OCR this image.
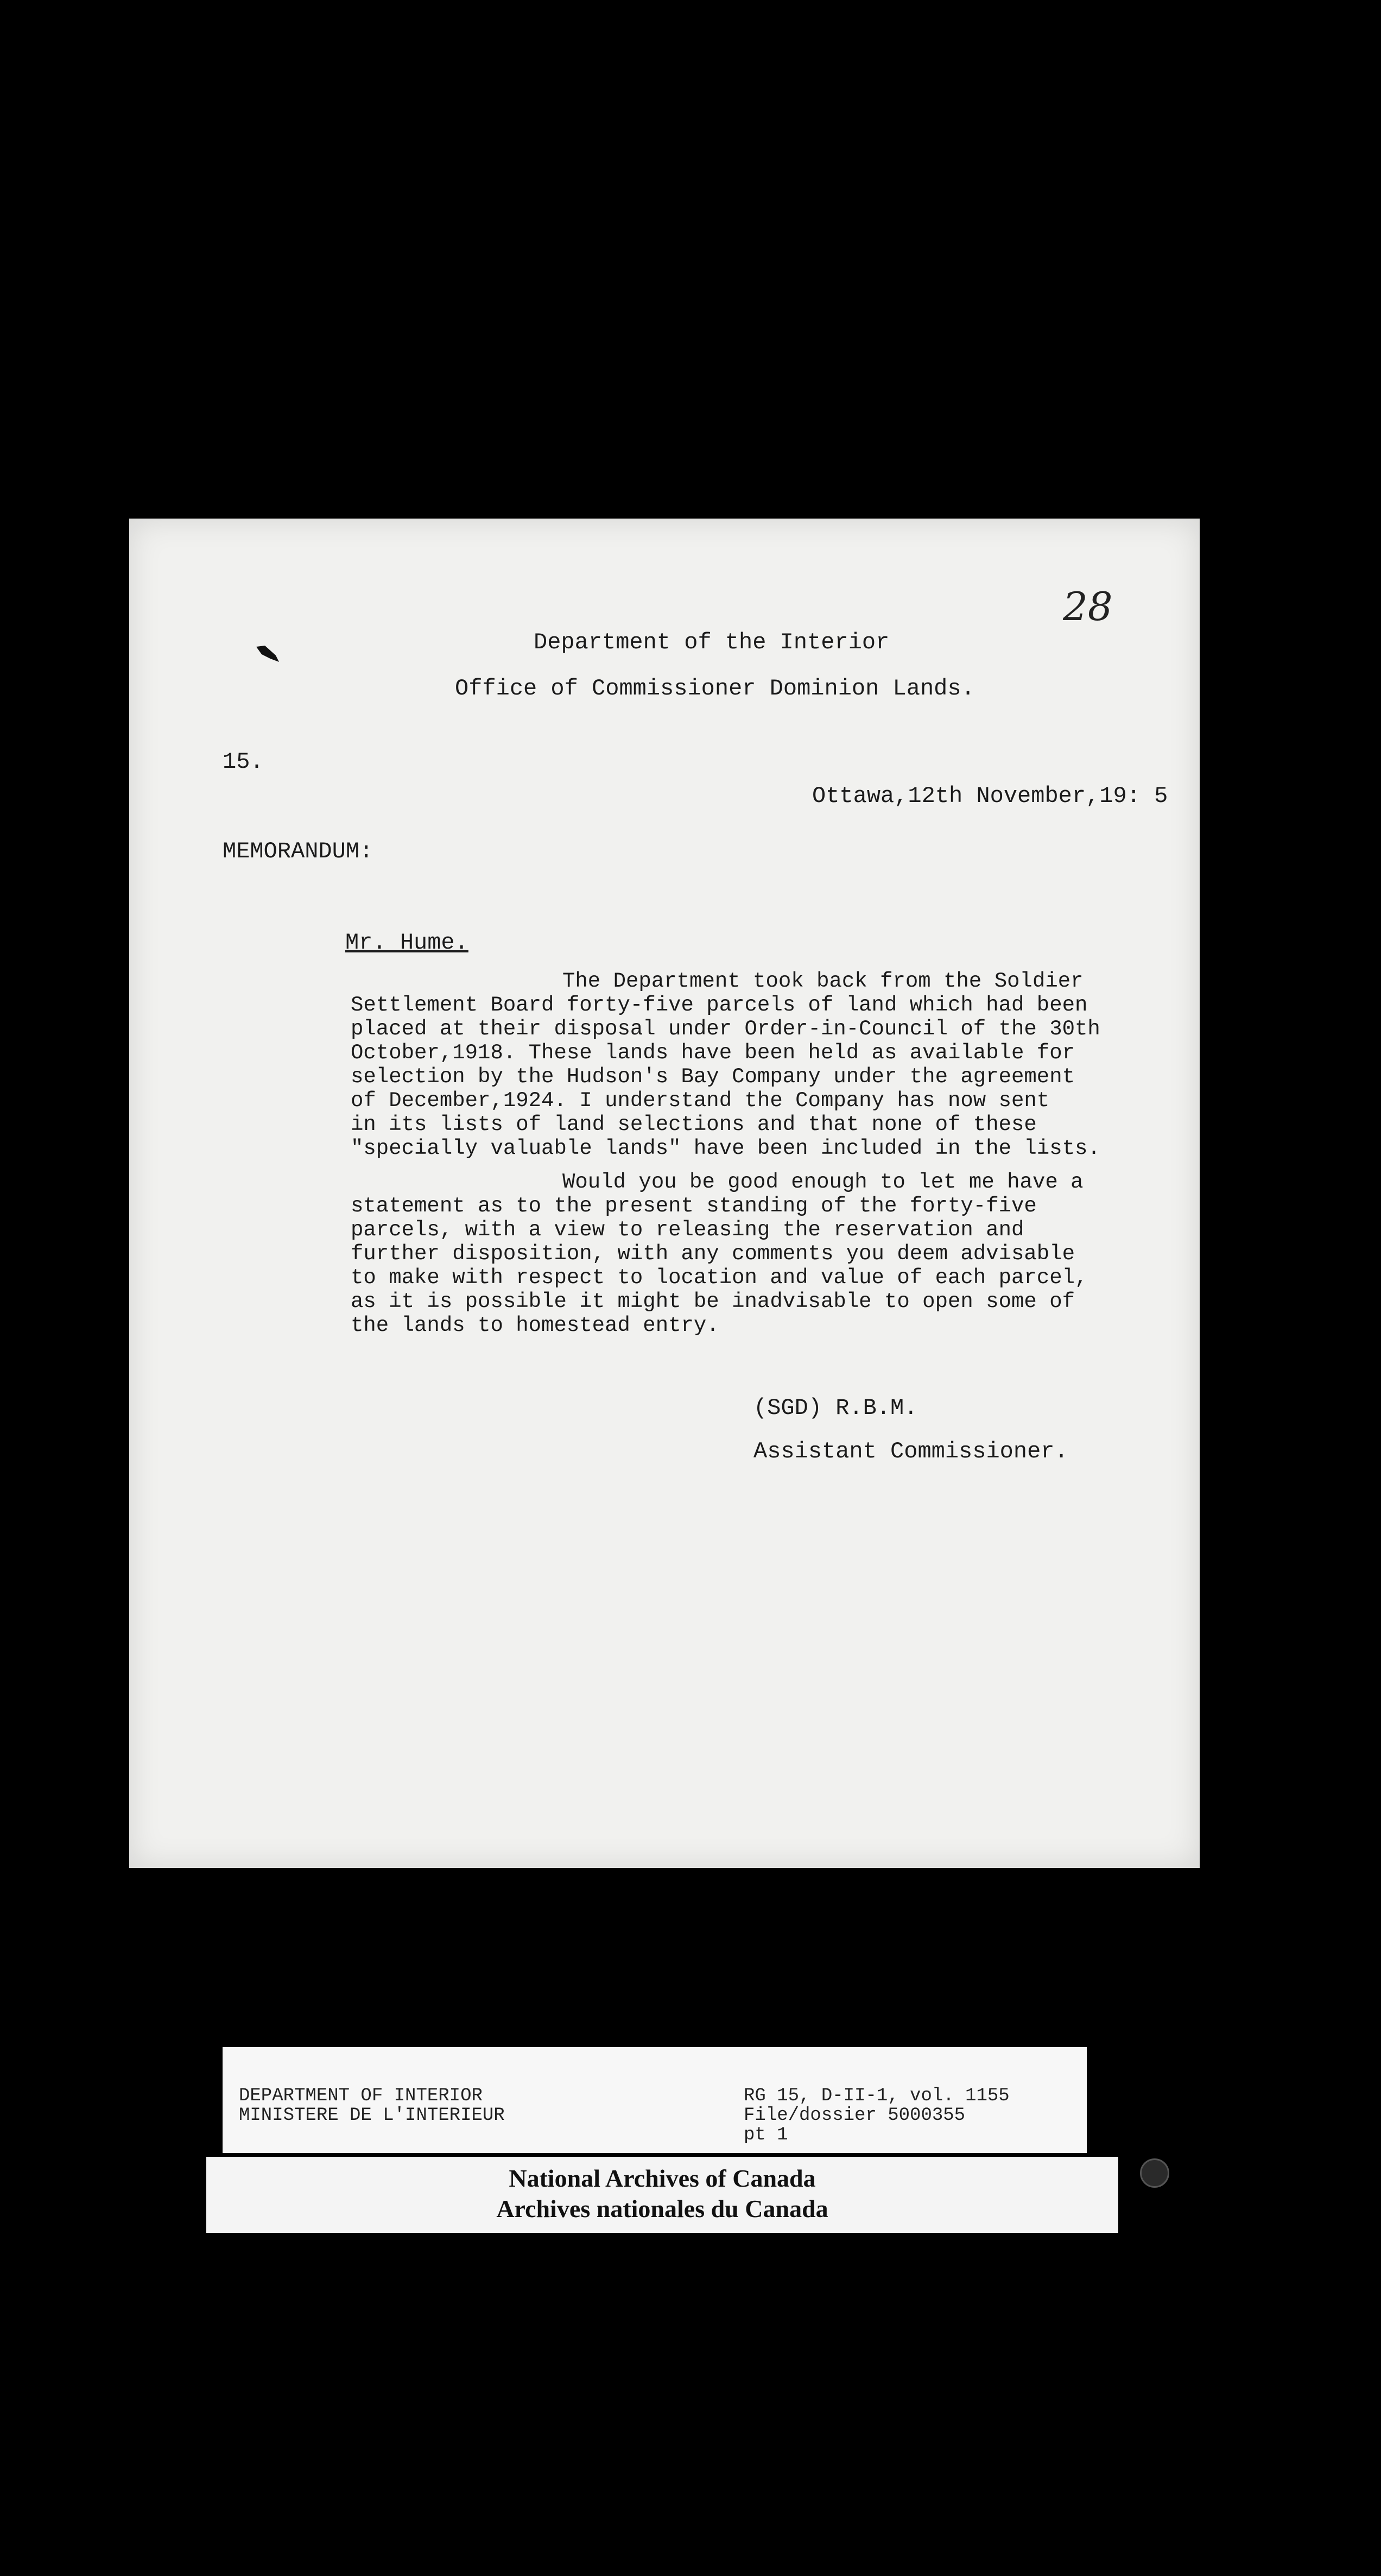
28
Department of the Interior
Office of Commissioner Dominion Lands.
15.
Ottawa,12th November,19: 5
MEMORANDUM:
Mr. Hume.
The Department took back from the Soldier
Settlement Board forty-five parcels of land which had been
placed at their disposal under Order-in-Council of the 30th
October,1918. These lands have been held as available for
selection by the Hudson's Bay Company under the agreement
of December,1924. I understand the Company has now sent
in its lists of land selections and that none of these
"specially valuable lands" have been included in the lists.
Would you be good enough to let me have a
statement as to the present standing of the forty-five
parcels, with a view to releasing the reservation and
further disposition, with any comments you deem advisable
to make with respect to location and value of each parcel,
as it is possible it might be inadvisable to open some of
the lands to homestead entry.
(SGD) R.B.M.
Assistant Commissioner.
DEPARTMENT OF INTERIOR
MINISTERE DE L'INTERIEUR
RG 15, D-II-1, vol. 1155
File/dossier 5000355
pt 1
National Archives of Canada
Archives nationales du Canada
